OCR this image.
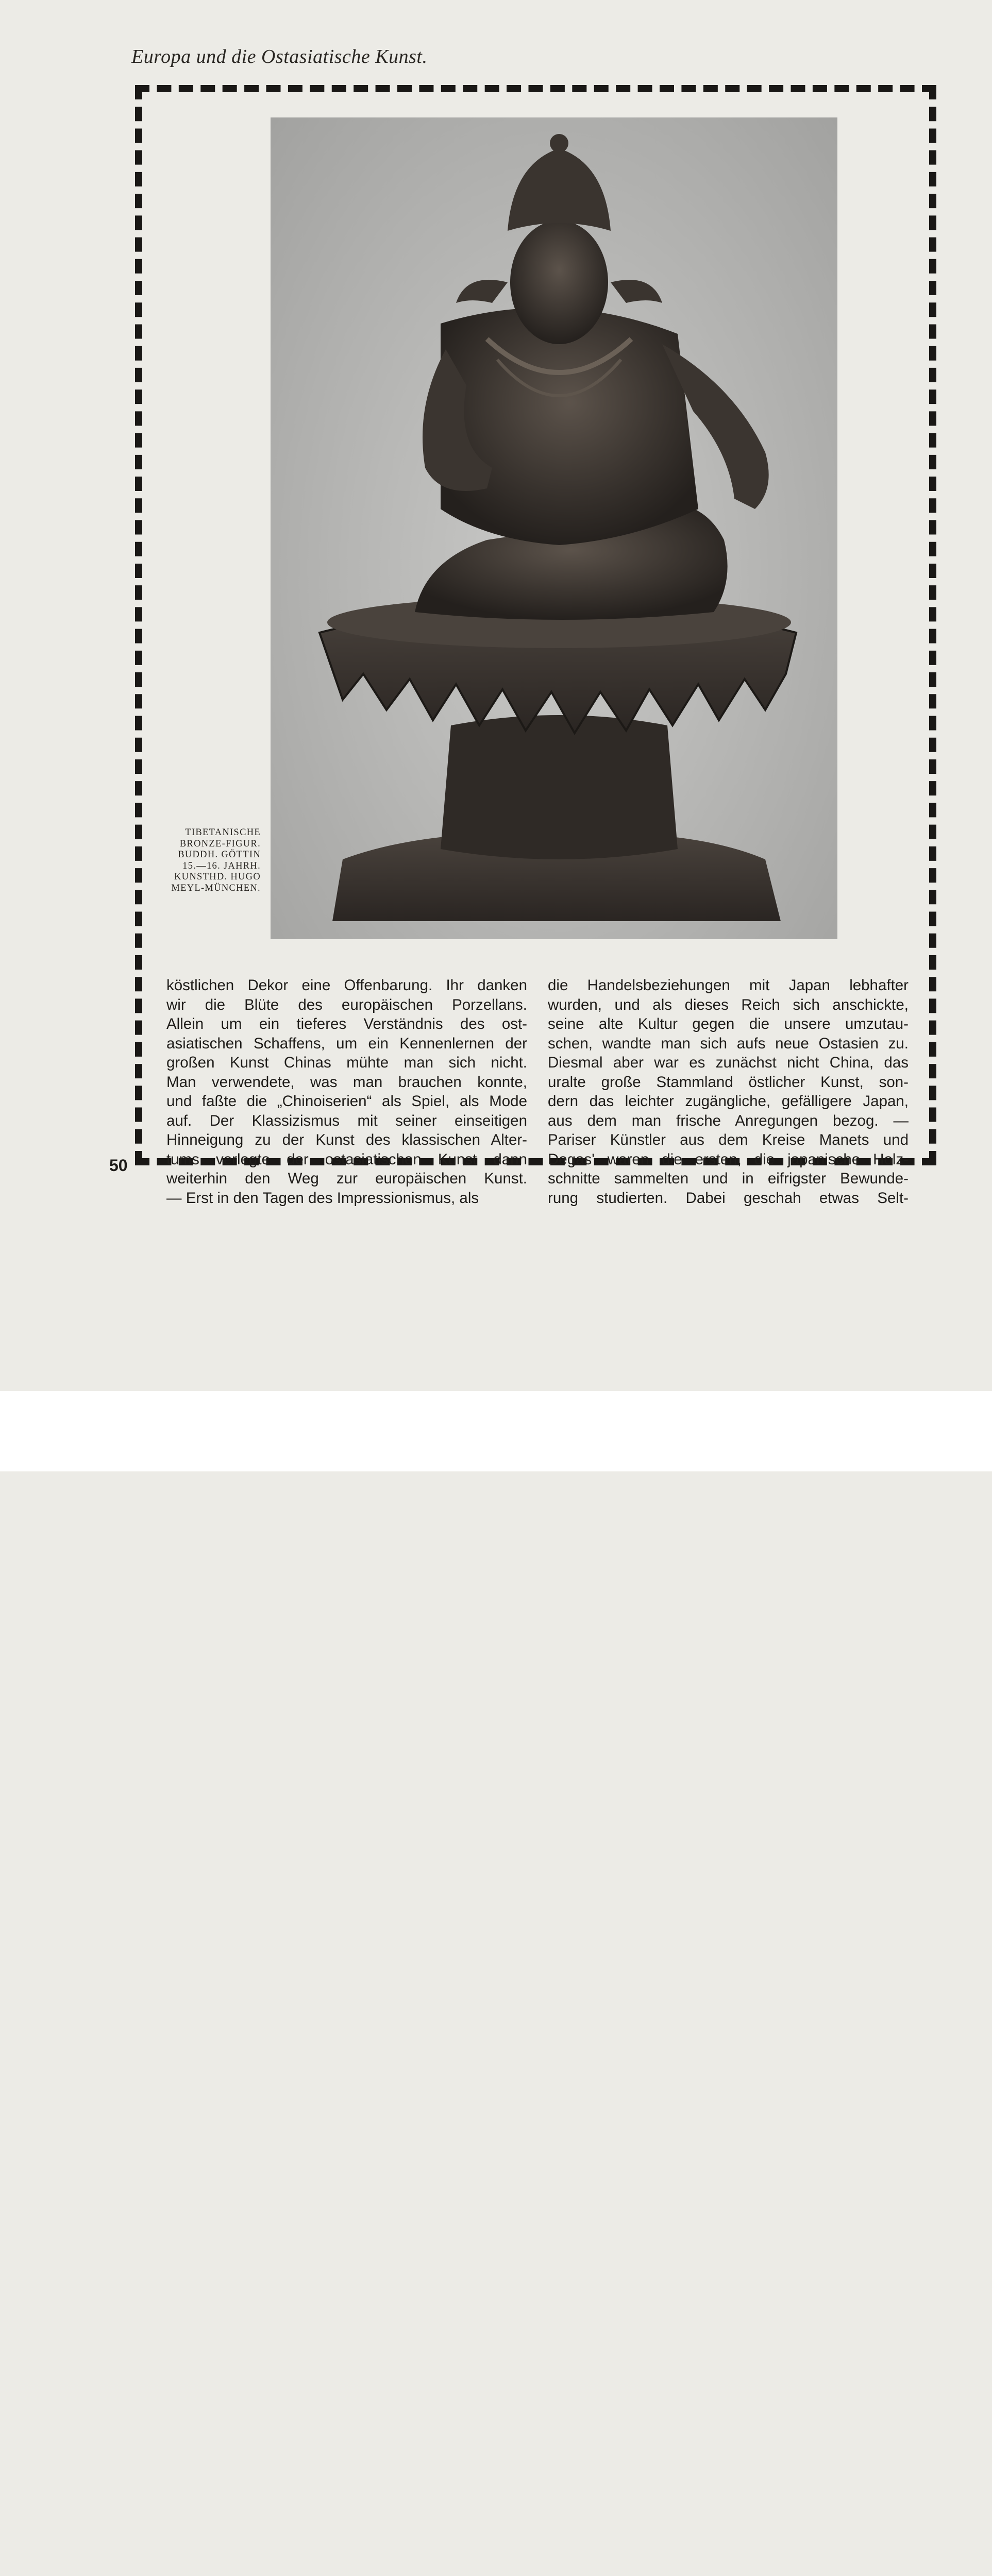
Europa und die Ostasiatische Kunst.
TIBETANISCHE
BRONZE-FIGUR.
BUDDH. GÖTTIN
15.—16. JAHRH.
KUNSTHD. HUGO
MEYL-MÜNCHEN.
köstlichen Dekor eine Offenbarung. Ihr danken
wir die Blüte des europäischen Porzellans.
Allein um ein tieferes Verständnis des ost-
asiatischen Schaffens, um ein Kennenlernen der
großen Kunst Chinas mühte man sich nicht.
Man verwendete, was man brauchen konnte,
und faßte die „Chinoiserien“ als Spiel, als Mode
auf. Der Klassizismus mit seiner einseitigen
Hinneigung zu der Kunst des klassischen Alter-
tums verlegte der ostasiatischen Kunst dann
weiterhin den Weg zur europäischen Kunst.
— Erst in den Tagen des Impressionismus, als
die Handelsbeziehungen mit Japan lebhafter
wurden, und als dieses Reich sich anschickte,
seine alte Kultur gegen die unsere umzutau-
schen, wandte man sich aufs neue Ostasien zu.
Diesmal aber war es zunächst nicht China, das
uralte große Stammland östlicher Kunst, son-
dern das leichter zugängliche, gefälligere Japan,
aus dem man frische Anregungen bezog. —
Pariser Künstler aus dem Kreise Manets und
Degas' waren die ersten, die japanische Holz-
schnitte sammelten und in eifrigster Bewunde-
rung studierten. Dabei geschah etwas Selt-
50
